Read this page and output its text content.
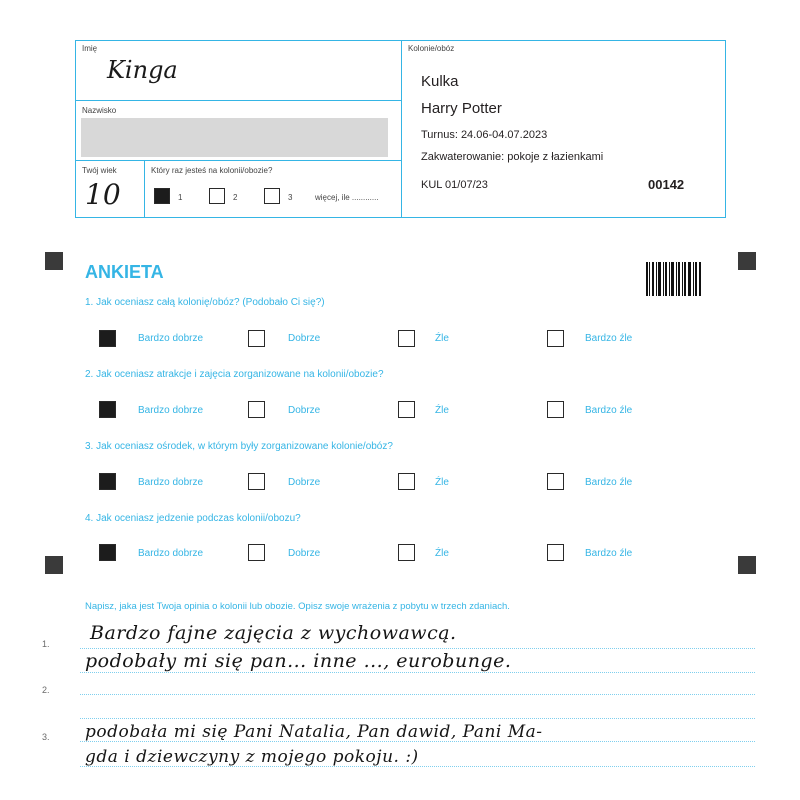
Imię
Kinga
Nazwisko
Twój wiek
10
Który raz jesteś na kolonii/obozie?
1	2	3	więcej, ile ............
Kolonie/obóz
Kulka
Harry Potter
Turnus: 24.06-04.07.2023
Zakwaterowanie: pokoje z łazienkami
KUL 01/07/23	00142
ANKIETA
1. Jak oceniasz całą kolonię/obóz? (Podobało Ci się?)
Bardzo dobrze	Dobrze	Źle	Bardzo źle
2. Jak oceniasz atrakcje i zajęcia zorganizowane na kolonii/obozie?
Bardzo dobrze	Dobrze	Źle	Bardzo źle
3. Jak oceniasz ośrodek, w którym były zorganizowane kolonie/obóz?
Bardzo dobrze	Dobrze	Źle	Bardzo źle
4. Jak oceniasz jedzenie podczas kolonii/obozu?
Bardzo dobrze	Dobrze	Źle	Bardzo źle
Napisz, jaka jest Twoja opinia o kolonii lub obozie. Opisz swoje wrażenia z pobytu w trzech zdaniach.
1.
2.
3.
Bardzo fajne zajęcia z wychowawcą.
podobały mi się pan... inne ..., eurobunge.
podobała mi się Pani Natalia, Pan dawid, Pani Ma-
gda i dziewczyny z mojego pokoju. :)
